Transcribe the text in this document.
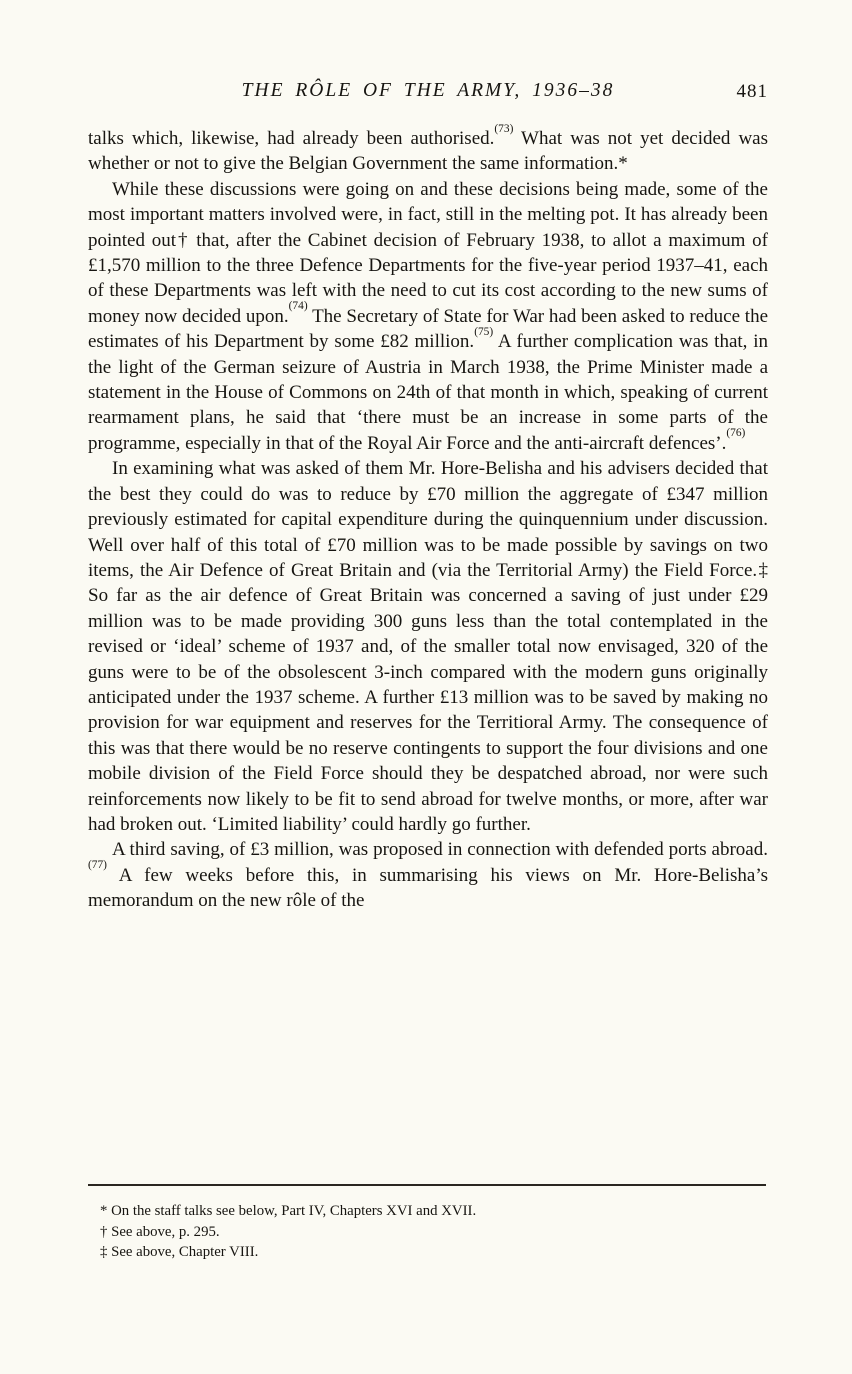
THE RÔLE OF THE ARMY, 1936–38	481

talks which, likewise, had already been authorised.$^{(73)}$ What was not yet decided was whether or not to give the Belgian Government the same information.*

While these discussions were going on and these decisions being made, some of the most important matters involved were, in fact, still in the melting pot. It has already been pointed out† that, after the Cabinet decision of February 1938, to allot a maximum of £1,570 million to the three Defence Departments for the five-year period 1937–41, each of these Departments was left with the need to cut its cost according to the new sums of money now decided upon.$^{(74)}$ The Secretary of State for War had been asked to reduce the estimates of his Department by some £82 million.$^{(75)}$ A further complication was that, in the light of the German seizure of Austria in March 1938, the Prime Minister made a statement in the House of Commons on 24th of that month in which, speaking of current rearmament plans, he said that ‘there must be an increase in some parts of the programme, especially in that of the Royal Air Force and the anti-aircraft defences’.$^{(76)}$

In examining what was asked of them Mr. Hore-Belisha and his advisers decided that the best they could do was to reduce by £70 million the aggregate of £347 million previously estimated for capital expenditure during the quinquennium under discussion. Well over half of this total of £70 million was to be made possible by savings on two items, the Air Defence of Great Britain and (via the Territorial Army) the Field Force.‡ So far as the air defence of Great Britain was concerned a saving of just under £29 million was to be made providing 300 guns less than the total contemplated in the revised or ‘ideal’ scheme of 1937 and, of the smaller total now envisaged, 320 of the guns were to be of the obsolescent 3-inch compared with the modern guns originally anticipated under the 1937 scheme. A further £13 million was to be saved by making no provision for war equipment and reserves for the Territioral Army. The consequence of this was that there would be no reserve contingents to support the four divisions and one mobile division of the Field Force should they be despatched abroad, nor were such reinforcements now likely to be fit to send abroad for twelve months, or more, after war had broken out. ‘Limited liability’ could hardly go further.

A third saving, of £3 million, was proposed in connection with defended ports abroad.$^{(77)}$ A few weeks before this, in summarising his views on Mr. Hore-Belisha’s memorandum on the new rôle of the

* On the staff talks see below, Part IV, Chapters XVI and XVII.
† See above, p. 295.
‡ See above, Chapter VIII.
